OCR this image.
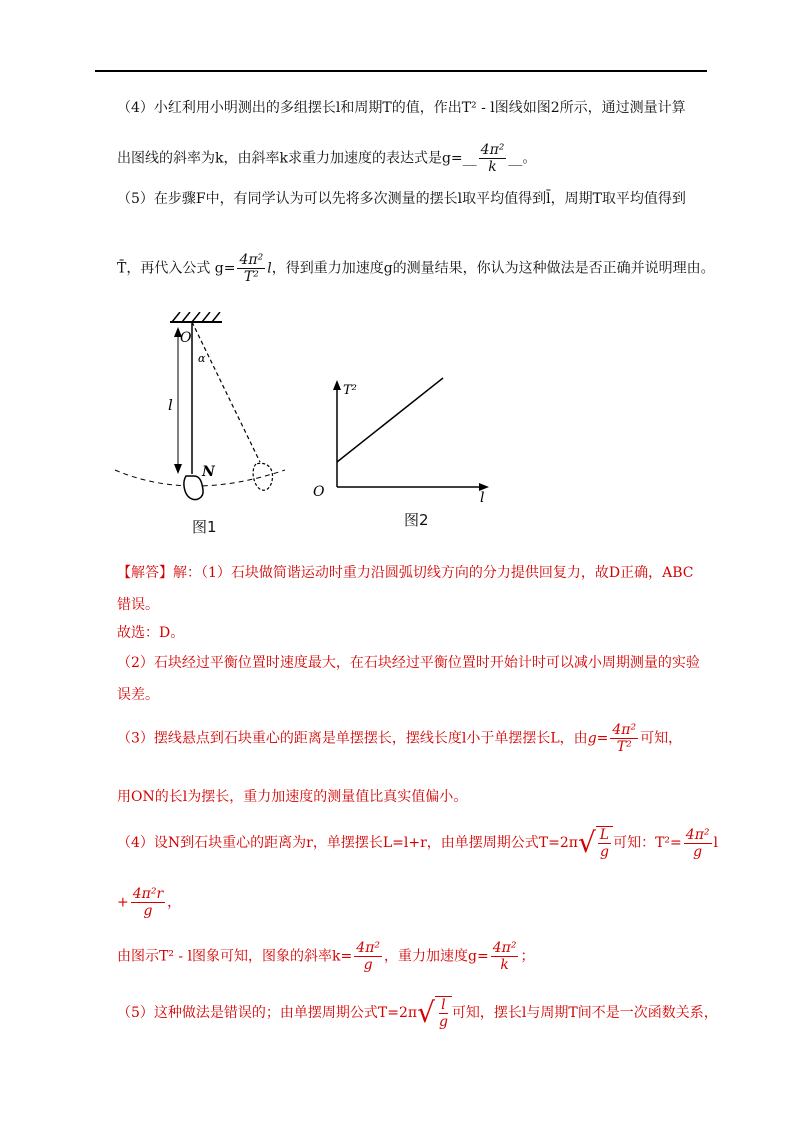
（4）小红利用小明测出的多组摆长l和周期T的值，作出T² - l图线如图2所示，通过测量计算
出图线的斜率为k，由斜率k求重力加速度的表达式是g=__ $\frac{\text{4π²}}{k}$ __。
（5）在步骤F中，有同学认为可以先将多次测量的摆长l取平均值得到l̄，周期T取平均值得到
T̄，再代入公式 $g= \frac{\text{4π²}}{\text{T²}}$ l，得到重力加速度g的测量结果，你认为这种做法是否正确并说明理由。
O
α
l
N
图1
T²
O	l
图2
【解答】解：（1）石块做简谐运动时重力沿圆弧切线方向的分力提供回复力，故D正确，ABC
错误。
故选：D。
（2）石块经过平衡位置时速度最大，在石块经过平衡位置时开始计时可以减小周期测量的实验
误差。
（3）摆线悬点到石块重心的距离是单摆摆长，摆线长度l小于单摆摆长L，由$g= \frac{\text{4π²}}{\text{T²}}$ 可知，
用ON的长l为摆长，重力加速度的测量值比真实值偏小。
（4）设N到石块重心的距离为r，单摆摆长L=l+r，由单摆周期公式T=2π √ $\frac{L}{g}$ 可知：$T^2= \frac{\text{4π²}}{g}$ l
+ $\frac{\text{4π²r}}{g}$ ，
由图示T² - l图象可知，图象的斜率$k= \frac{\text{4π²}}{g}$ ，重力加速度$g= \frac{\text{4π²}}{k}$ ；
（5）这种做法是错误的；由单摆周期公式T=2π √ $\frac{l}{g}$ 可知，摆长l与周期T间不是一次函数关系，
